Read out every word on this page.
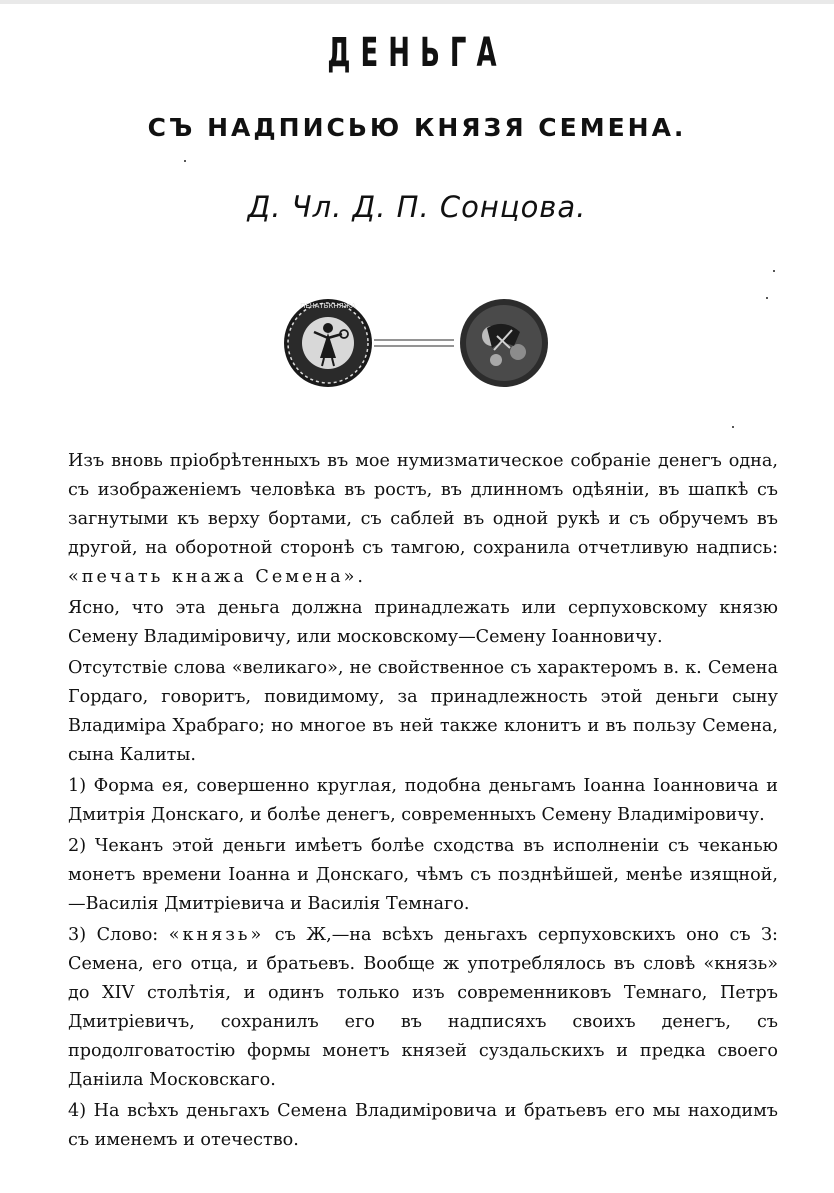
ДЕНЬГА
СЪ НАДПИСЬЮ КНЯЗЯ СЕМЕНА.
Д. Чл. Д. П. Сонцова.
ПЕЧАТЬКНЯЖА

Изъ вновь пріобрѣтенныхъ въ мое нумизматическое собраніе денегъ одна, съ изображеніемъ человѣка въ ростъ, въ длинномъ одѣяніи, въ шапкѣ съ загнутыми къ верху бортами, съ саблей въ одной рукѣ и съ обручемъ въ другой, на оборотной сторонѣ съ тамгою, сохранила отчетливую надпись: «печать кнажа Семена».

Ясно, что эта деньга должна принадлежать или серпуховскому князю Семену Владиміровичу, или московскому—Семену Іоанновичу.

Отсутствіе слова «великаго», не свойственное съ характеромъ в. к. Семена Гордаго, говоритъ, повидимому, за принадлежность этой деньги сыну Владиміра Храбраго; но многое въ ней также клонитъ и въ пользу Семена, сына Калиты.

1) Форма ея, совершенно круглая, подобна деньгамъ Іоанна Іоанновича и Дмитрія Донскаго, и болѣе денегъ, современныхъ Семену Владиміровичу.

2) Чеканъ этой деньги имѣетъ болѣе сходства въ исполненіи съ чеканью монетъ времени Іоанна и Донскаго, чѣмъ съ позднѣйшей, менѣе изящной,—Василія Дмитріевича и Василія Темнаго.

3) Слово: «князь» съ Ж,—на всѣхъ деньгахъ серпуховскихъ оно съ З: Семена, его отца, и братьевъ. Вообще ж употреблялось въ словѣ «князь» до XIV столѣтія, и одинъ только изъ современниковъ Темнаго, Петръ Дмитріевичъ, сохранилъ его въ надписяхъ своихъ денегъ, съ продолговатостію формы монетъ князей суздальскихъ и предка своего Даніила Московскаго.

4) На всѣхъ деньгахъ Семена Владиміровича и братьевъ его мы находимъ съ именемъ и отечество.
